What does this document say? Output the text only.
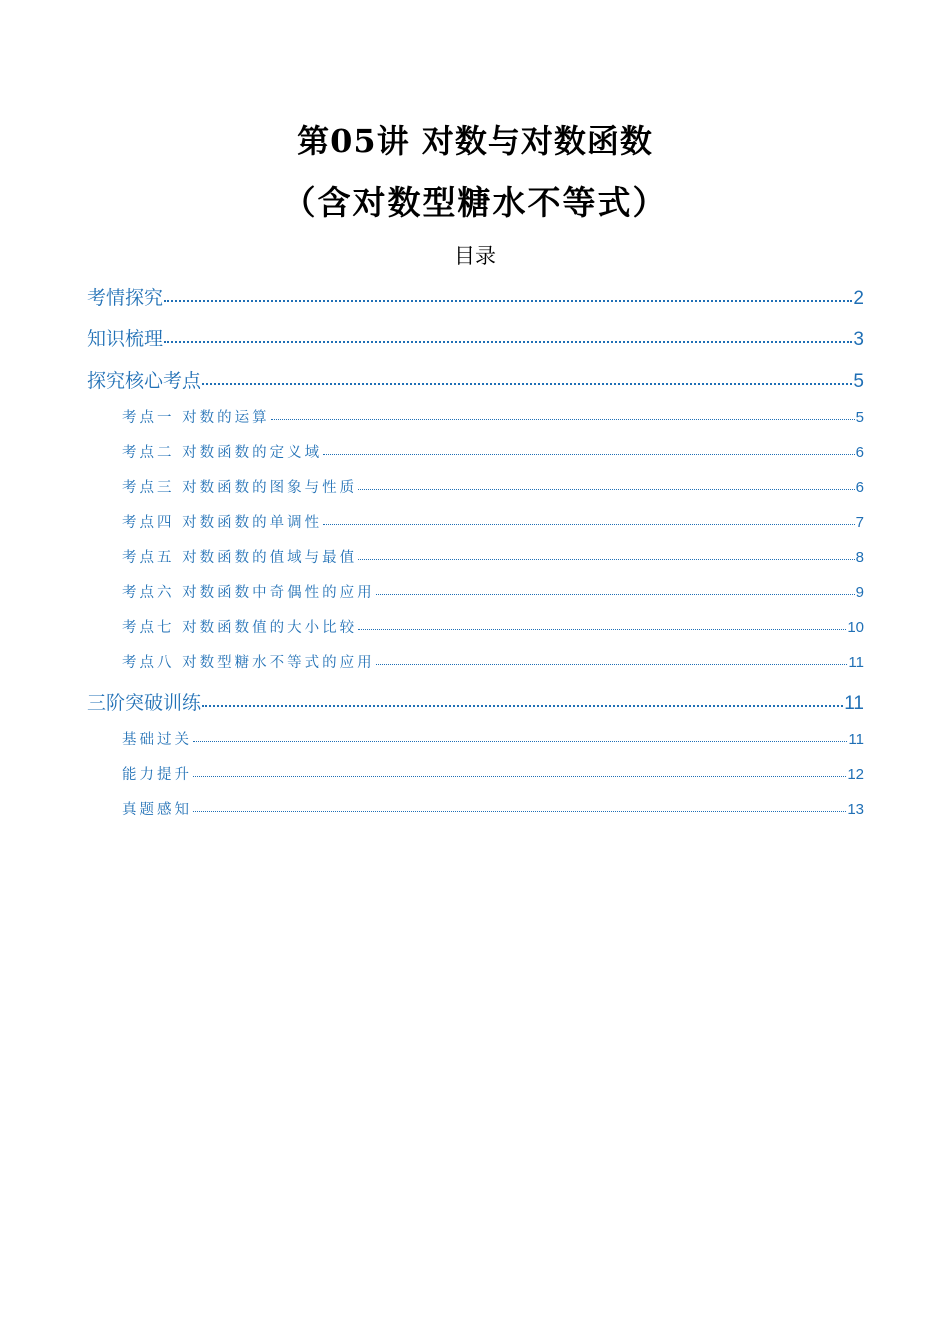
第05讲 对数与对数函数
（含对数型糖水不等式）
目录
考情探究	2
知识梳理	3
探究核心考点	5
考点一 对数的运算	5
考点二 对数函数的定义域	6
考点三 对数函数的图象与性质	6
考点四 对数函数的单调性	7
考点五 对数函数的值域与最值	8
考点六 对数函数中奇偶性的应用	9
考点七 对数函数值的大小比较	10
考点八 对数型糖水不等式的应用	11
三阶突破训练	11
基础过关	11
能力提升	12
真题感知	13
